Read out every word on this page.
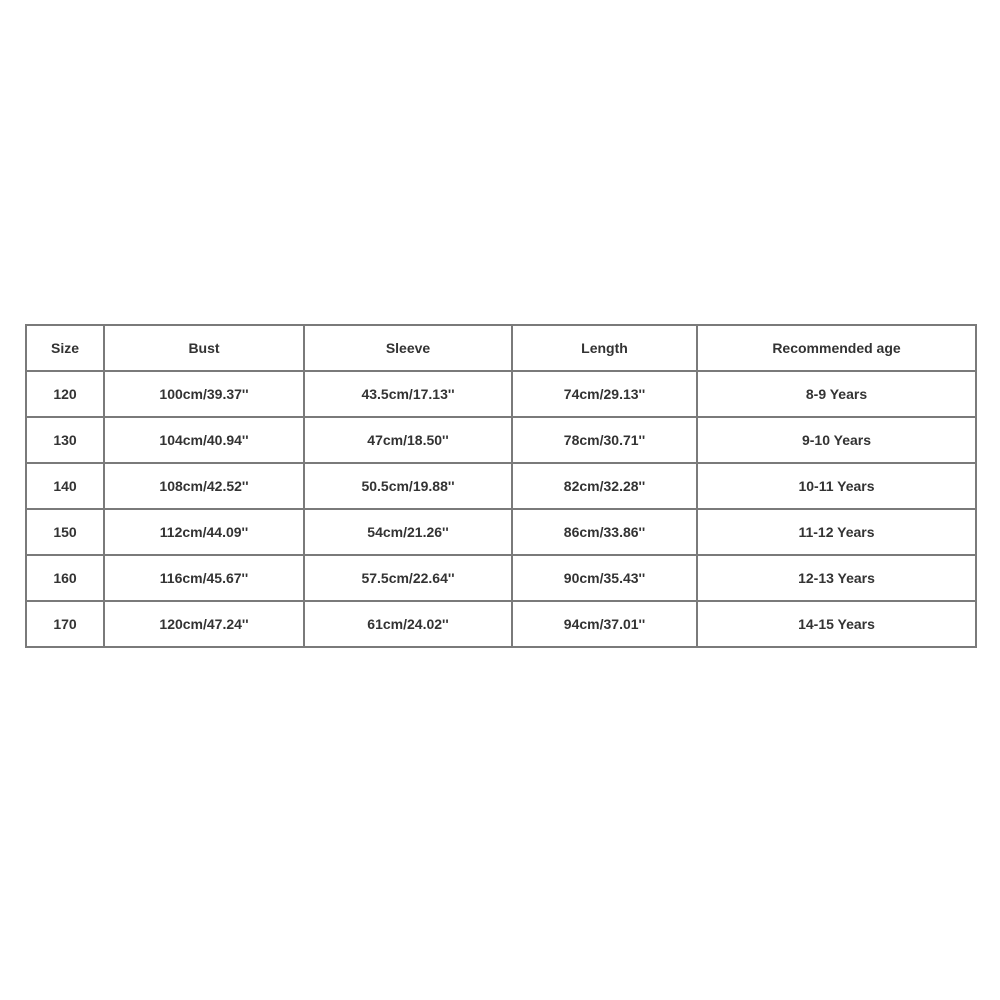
Size	Bust	Sleeve	Length	Recommended age
120	100cm/39.37''	43.5cm/17.13''	74cm/29.13''	8-9 Years
130	104cm/40.94''	47cm/18.50''	78cm/30.71''	9-10 Years
140	108cm/42.52''	50.5cm/19.88''	82cm/32.28''	10-11 Years
150	112cm/44.09''	54cm/21.26''	86cm/33.86''	11-12 Years
160	116cm/45.67''	57.5cm/22.64''	90cm/35.43''	12-13 Years
170	120cm/47.24''	61cm/24.02''	94cm/37.01''	14-15 Years
